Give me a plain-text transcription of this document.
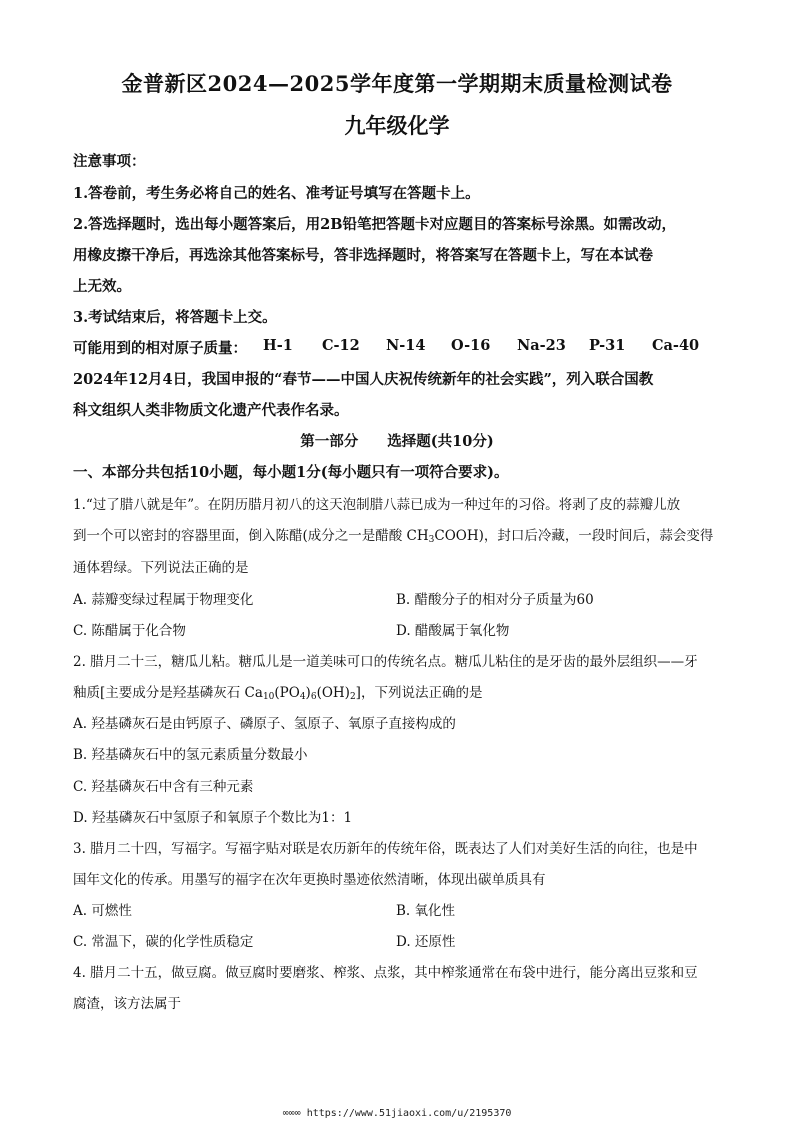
金普新区2024—2025学年度第一学期期末质量检测试卷
九年级化学
注意事项：
1.答卷前，考生务必将自己的姓名、准考证号填写在答题卡上。
2.答选择题时，选出每小题答案后，用2B铅笔把答题卡对应题目的答案标号涂黑。如需改动，
用橡皮擦干净后，再选涂其他答案标号，答非选择题时，将答案写在答题卡上，写在本试卷
上无效。
3.考试结束后，将答题卡上交。
可能用到的相对原子质量： H-1 C-12 N-14 O-16 Na-23 P-31 Ca-40
2024年12月4日，我国申报的“春节——中国人庆祝传统新年的社会实践”，列入联合国教
科文组织人类非物质文化遗产代表作名录。
第一部分　　选择题(共10分)
一、本部分共包括10小题，每小题1分(每小题只有一项符合要求)。
1.“过了腊八就是年”。在阴历腊月初八的这天泡制腊八蒜已成为一种过年的习俗。将剥了皮的蒜瓣儿放
到一个可以密封的容器里面，倒入陈醋(成分之一是醋酸 $CH_3COOH$)，封口后冷藏，一段时间后，蒜会变得
通体碧绿。下列说法正确的是
A. 蒜瓣变绿过程属于物理变化	B. 醋酸分子的相对分子质量为60
C. 陈醋属于化合物	D. 醋酸属于氧化物
2. 腊月二十三，糖瓜儿粘。糖瓜儿是一道美味可口的传统名点。糖瓜儿粘住的是牙齿的最外层组织——牙
釉质[主要成分是羟基磷灰石 $Ca_{10}(PO_4)_6(OH)_2$]，下列说法正确的是
A. 羟基磷灰石是由钙原子、磷原子、氢原子、氧原子直接构成的
B. 羟基磷灰石中的氢元素质量分数最小
C. 羟基磷灰石中含有三种元素
D. 羟基磷灰石中氢原子和氧原子个数比为1：1
3. 腊月二十四，写福字。写福字贴对联是农历新年的传统年俗，既表达了人们对美好生活的向往，也是中
国年文化的传承。用墨写的福字在次年更换时墨迹依然清晰，体现出碳单质具有
A. 可燃性	B. 氧化性
C. 常温下，碳的化学性质稳定	D. 还原性
4. 腊月二十五，做豆腐。做豆腐时要磨浆、榨浆、点浆，其中榨浆通常在布袋中进行，能分离出豆浆和豆
腐渣，该方法属于
∞∞∞ https://www.51jiaoxi.com/u/2195370
